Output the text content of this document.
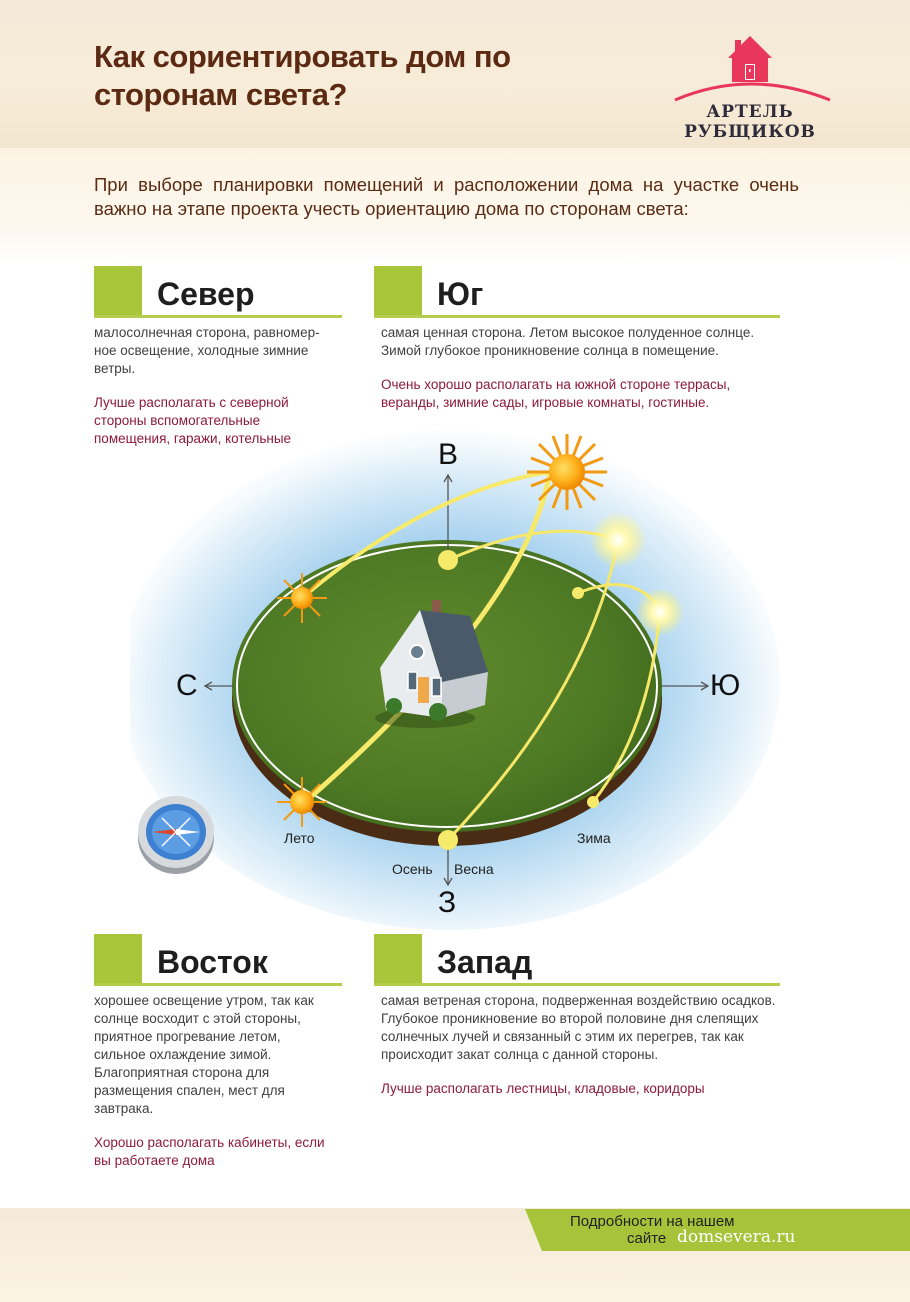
Как сориентировать дом по сторонам света?	АРТЕЛЬ РУБЩИКОВ

При выборе планировки помещений и расположении дома на участке очень важно на этапе проекта учесть ориентацию дома по сторонам света:

Север

малосолнечная сторона, равномер-ное освещение, холодные зимние ветры.

Лучше располагать с северной стороны вспомогательные помещения, гаражи, котельные

Юг

самая ценная сторона. Летом высокое полуденное солнце. Зимой глубокое проникновение солнца в помещение.

Очень хорошо располагать на южной стороне террасы, веранды, зимние сады, игровые комнаты, гостиные.

В
С	Ю
З
Лето
Осень Весна
Зима
Восток

хорошее освещение утром, так как солнце восходит с этой стороны, приятное прогревание летом, сильное охлаждение зимой. Благоприятная сторона для размещения спален, мест для завтрака.

Хорошо располагать кабинеты, если вы работаете дома

Запад

самая ветреная сторона, подверженная воздействию осадков. Глубокое проникновение во второй половине дня слепящих солнечных лучей и связанный с этим их перегрев, так как происходит закат солнца с данной стороны.

Лучше располагать лестницы, кладовые, коридоры

Подробности на нашем
сайте domsevera.ru
